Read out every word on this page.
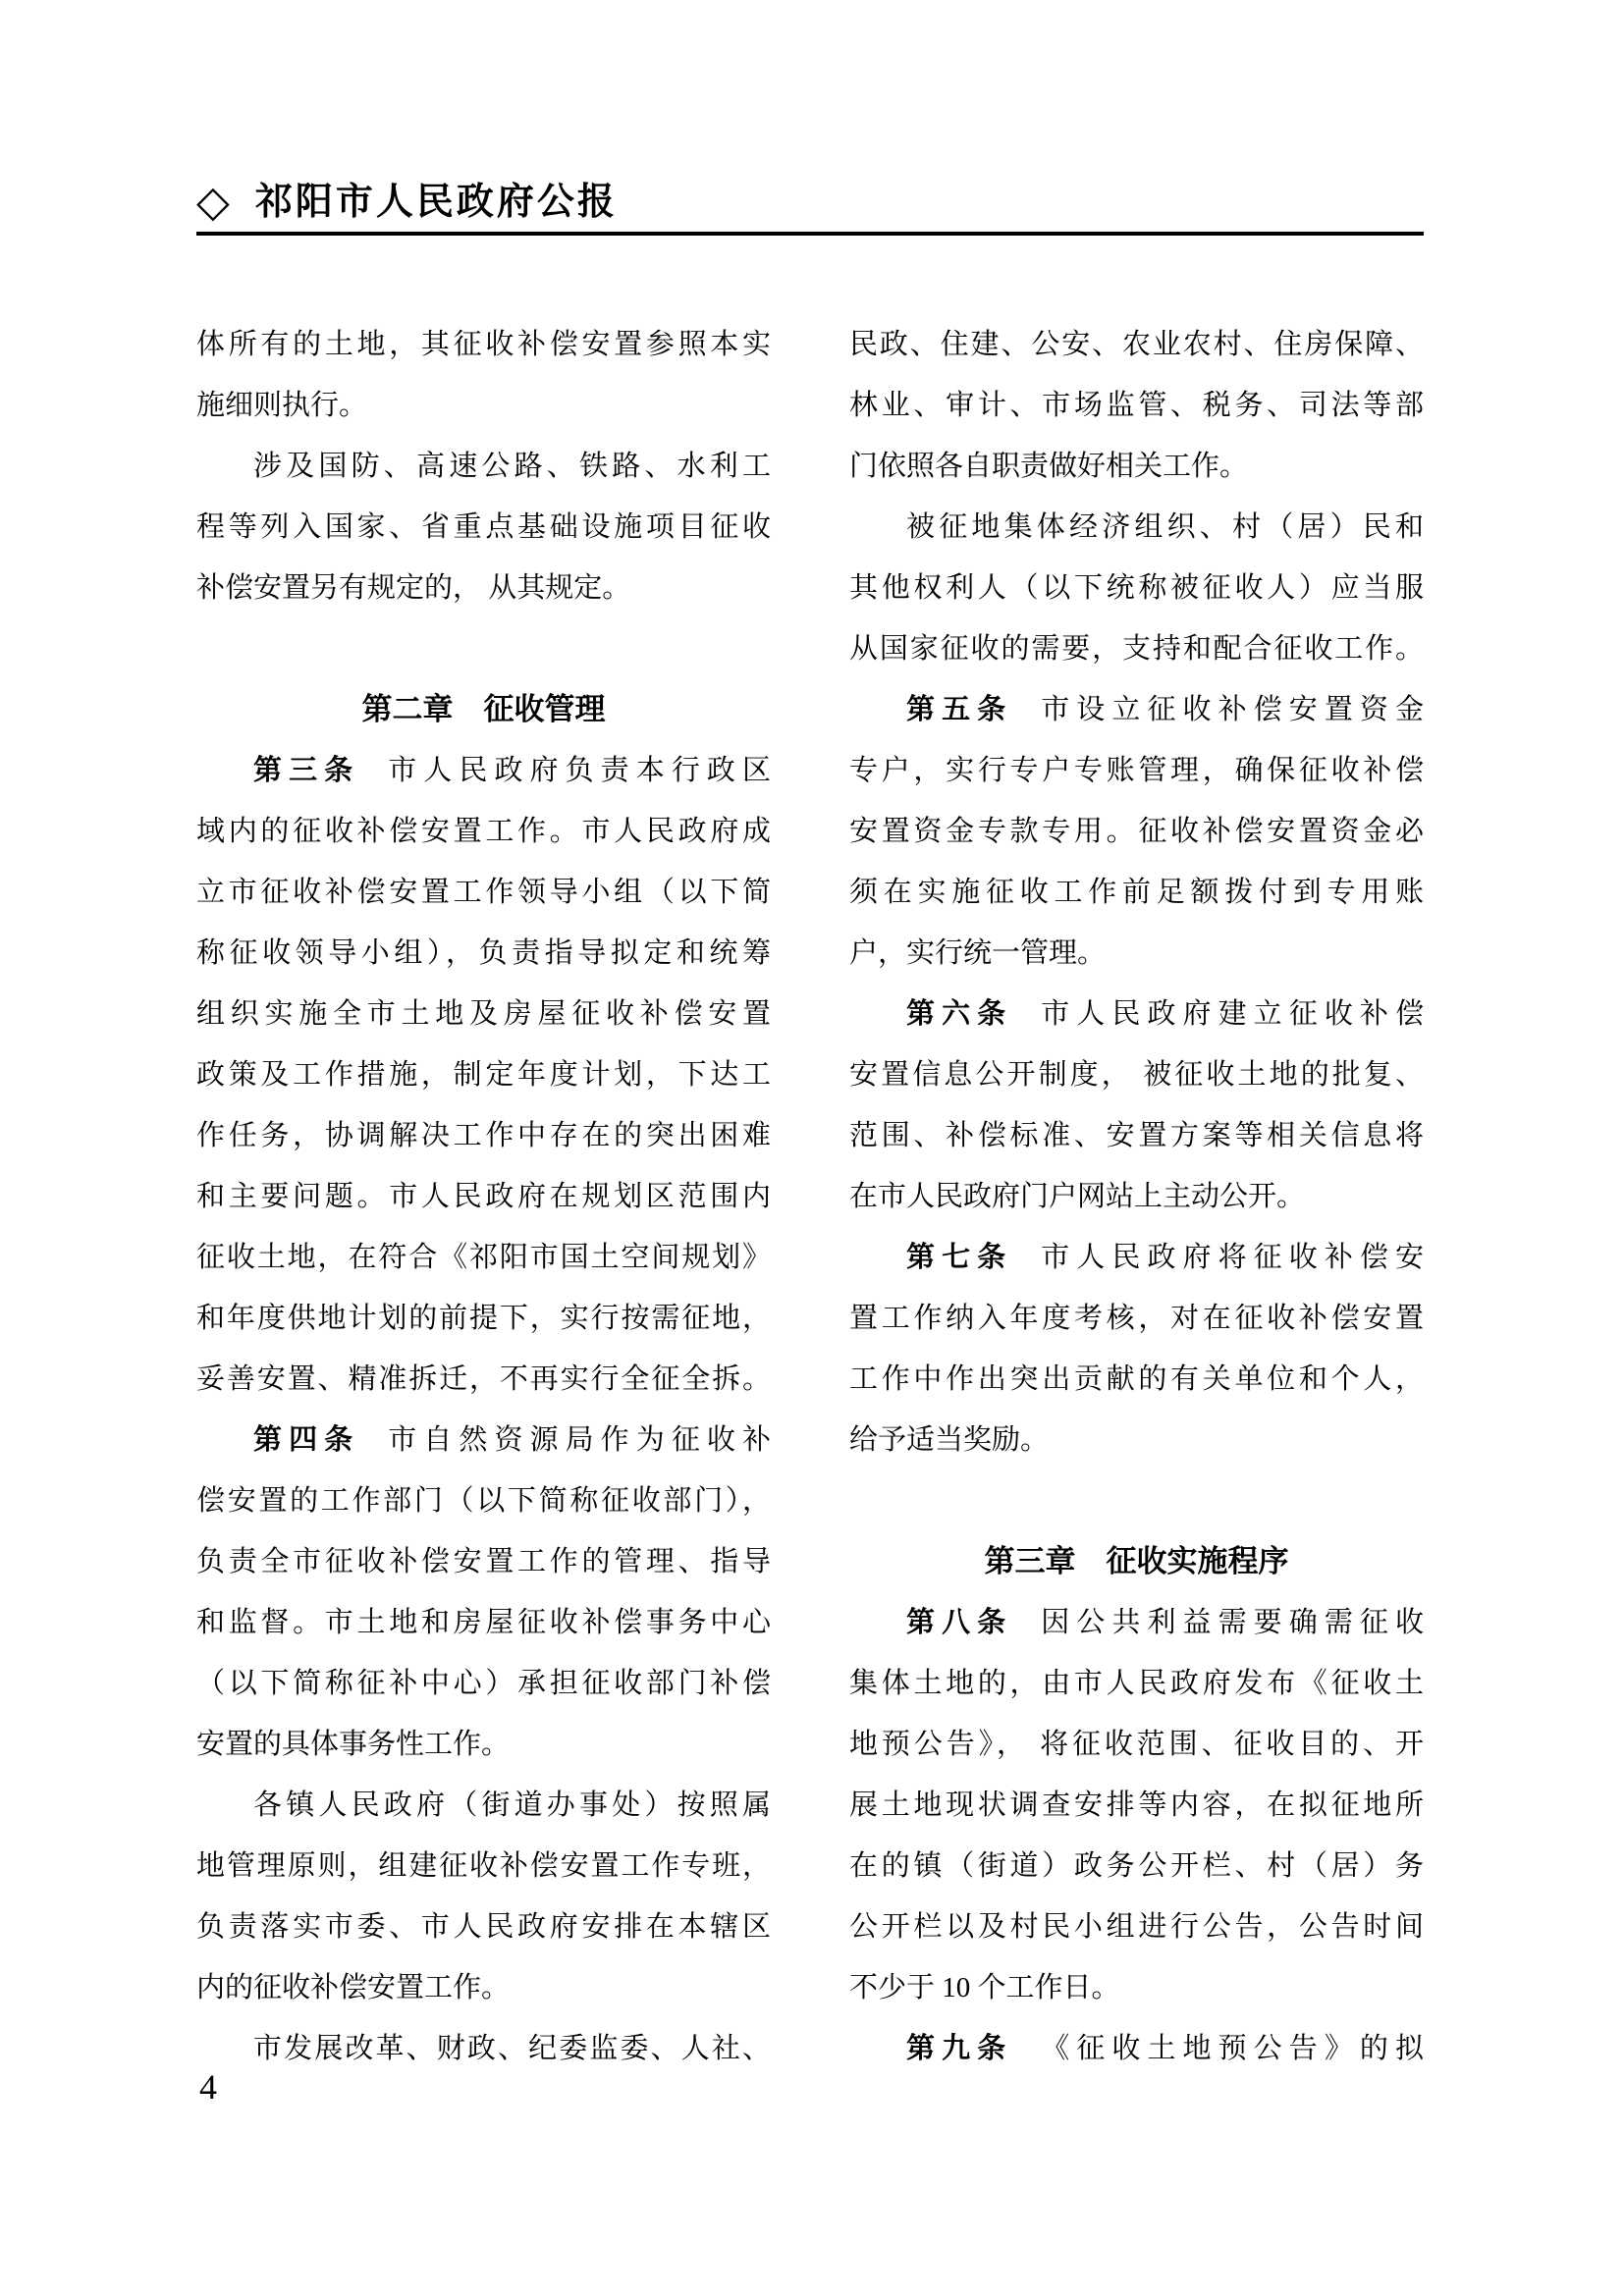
◇ 祁阳市人民政府公报
体所有的土地，其征收补偿安置参照本实
施细则执行。
涉及国防、高速公路、铁路、水利工
程等列入国家、省重点基础设施项目征收
补偿安置另有规定的， 从其规定。
第二章　征收管理
第三条 市人民政府负责本行政区
域内的征收补偿安置工作。市人民政府成
立市征收补偿安置工作领导小组（以下简
称征收领导小组），负责指导拟定和统筹
组织实施全市土地及房屋征收补偿安置
政策及工作措施，制定年度计划，下达工
作任务，协调解决工作中存在的突出困难
和主要问题。市人民政府在规划区范围内
征收土地，在符合《祁阳市国土空间规划》
和年度供地计划的前提下，实行按需征地，
妥善安置、精准拆迁，不再实行全征全拆。
第四条 市自然资源局作为征收补
偿安置的工作部门（以下简称征收部门），
负责全市征收补偿安置工作的管理、指导
和监督。市土地和房屋征收补偿事务中心
（以下简称征补中心）承担征收部门补偿
安置的具体事务性工作。
各镇人民政府（街道办事处）按照属
地管理原则，组建征收补偿安置工作专班，
负责落实市委、市人民政府安排在本辖区
内的征收补偿安置工作。
市发展改革、财政、纪委监委、人社、
民政、住建、公安、农业农村、住房保障、
林业、审计、市场监管、税务、司法等部
门依照各自职责做好相关工作。
被征地集体经济组织、村（居）民和
其他权利人（以下统称被征收人）应当服
从国家征收的需要，支持和配合征收工作。
第五条 市设立征收补偿安置资金
专户，实行专户专账管理，确保征收补偿
安置资金专款专用。征收补偿安置资金必
须在实施征收工作前足额拨付到专用账
户，实行统一管理。
第六条 市人民政府建立征收补偿
安置信息公开制度， 被征收土地的批复、
范围、补偿标准、安置方案等相关信息将
在市人民政府门户网站上主动公开。
第七条 市人民政府将征收补偿安
置工作纳入年度考核，对在征收补偿安置
工作中作出突出贡献的有关单位和个人，
给予适当奖励。
第三章　征收实施程序
第八条 因公共利益需要确需征收
集体土地的，由市人民政府发布《征收土
地预公告》， 将征收范围、征收目的、开
展土地现状调查安排等内容，在拟征地所
在的镇（街道）政务公开栏、村（居）务
公开栏以及村民小组进行公告，公告时间
不少于 10 个工作日。
第九条 《征收土地预公告》的拟
4
